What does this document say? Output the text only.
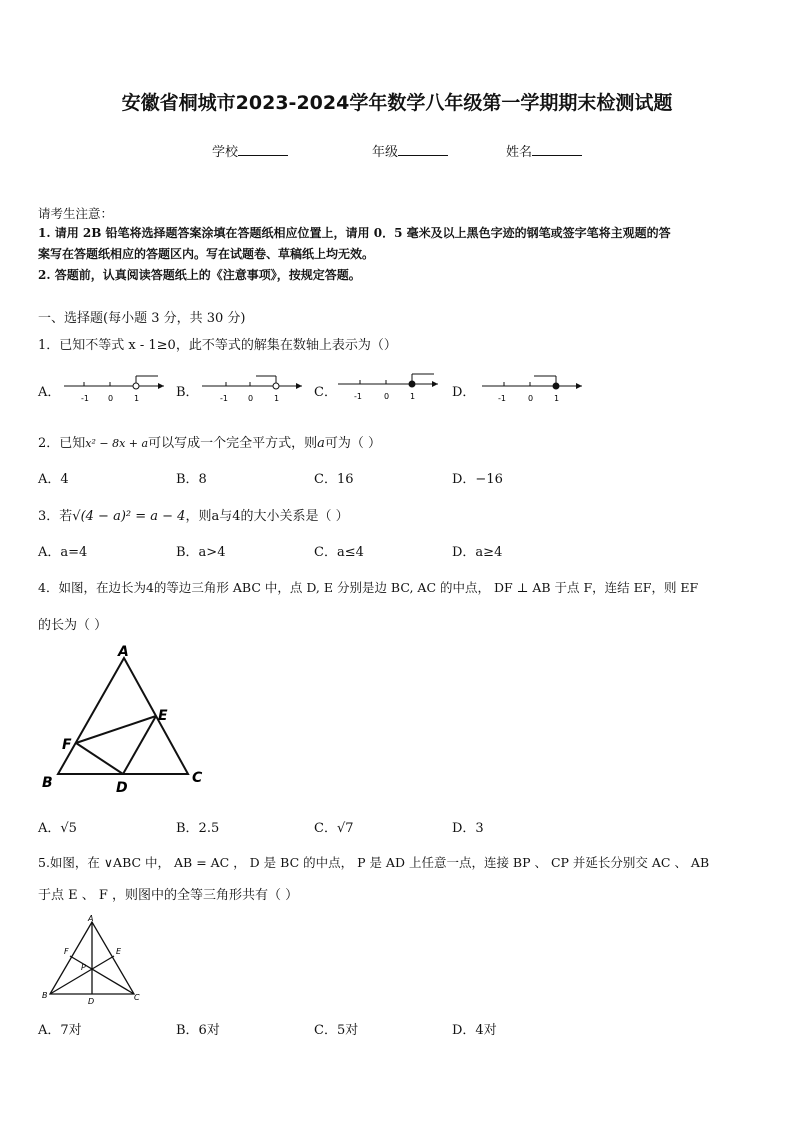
安徽省桐城市2023-2024学年数学八年级第一学期期末检测试题
学校	年级	姓名
请考生注意：
1. 请用 2B 铅笔将选择题答案涂填在答题纸相应位置上，请用 0．5 毫米及以上黑色字迹的钢笔或签字笔将主观题的答
案写在答题纸相应的答题区内。写在试题卷、草稿纸上均无效。
2. 答题前，认真阅读答题纸上的《注意事项》，按规定答题。
一、选择题(每小题 3 分，共 30 分)
1．已知不等式 x - 1≥0，此不等式的解集在数轴上表示为（）
A．	-1 0	1	B．	-1	0	1	C． -1	0	1	D．	-1	0	1
2．已知x² − 8x + a可以写成一个完全平方式，则a可为（ ）
A．4	B．8	C．16	D．−16
3．若√(4 − a)² = a − 4，则a与4的大小关系是（ ）
A．a=4	B．a>4	C．a≤4	D．a≥4
4．如图，在边长为4的等边三角形 ABC 中，点 D, E 分别是边 BC, AC 的中点， DF ⊥ AB 于点 F，连结 EF，则 EF
的长为（ ）
A
B	C
D
E
F
A．√5	B．2.5	C．√7	D．3
5.如图，在 ∨ABC 中， AB = AC ， D 是 BC 的中点， P 是 AD 上任意一点，连接 BP 、 CP 并延长分别交 AC 、 AB
于点 E 、 F ，则图中的全等三角形共有（ ）
A
B	C
D
E
F
P
A．7对	B．6对	C．5对	D．4对
